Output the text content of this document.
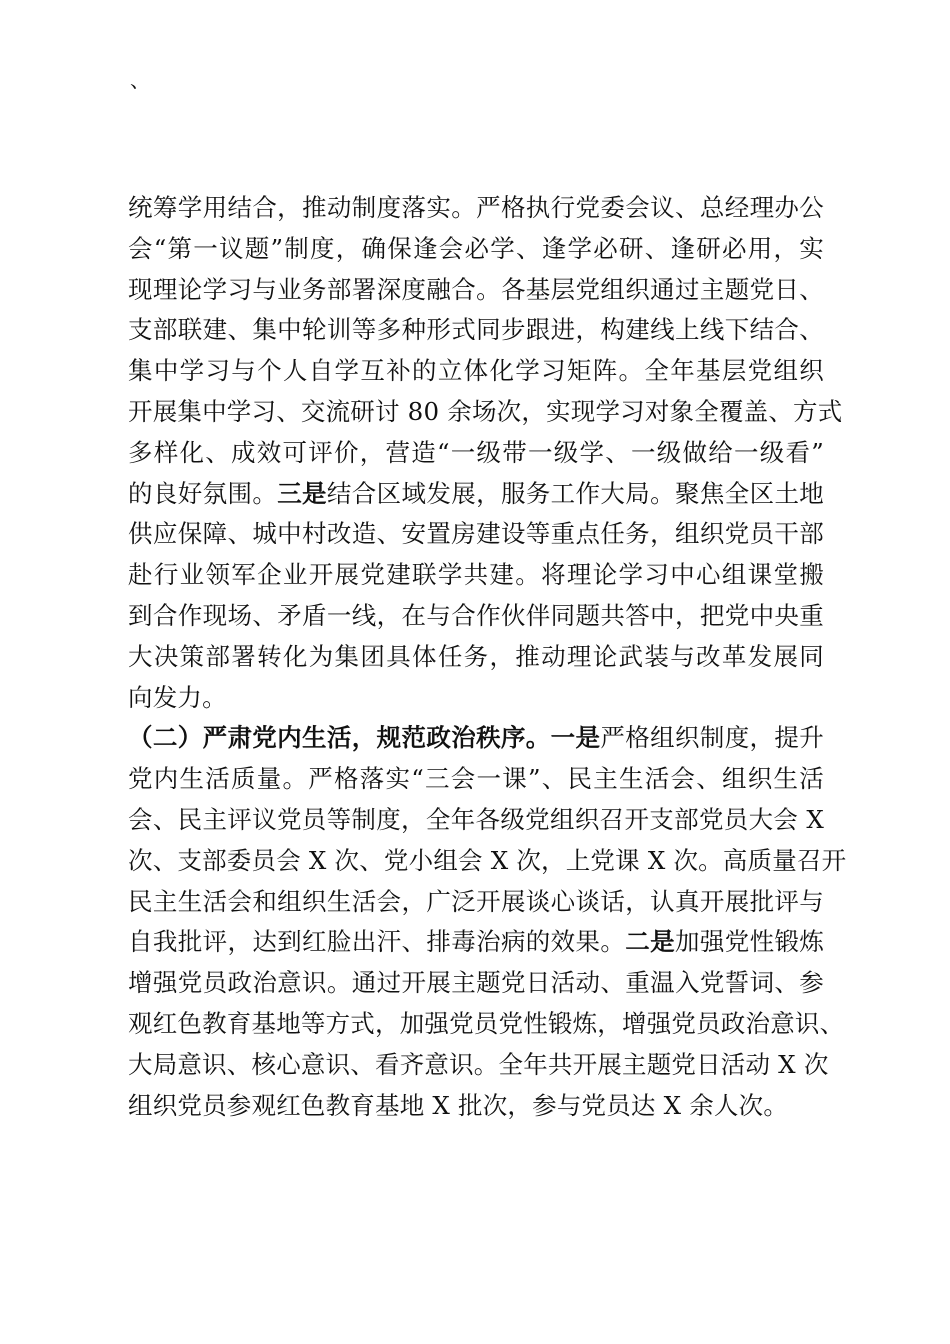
、
统筹学用结合，推动制度落实。严格执行党委会议、总经理办公
会“第一议题”制度，确保逢会必学、逢学必研、逢研必用，实
现理论学习与业务部署深度融合。各基层党组织通过主题党日、
支部联建、集中轮训等多种形式同步跟进，构建线上线下结合、
集中学习与个人自学互补的立体化学习矩阵。全年基层党组织
开展集中学习、交流研讨 80 余场次，实现学习对象全覆盖、方式
多样化、成效可评价，营造“一级带一级学、一级做给一级看”
的良好氛围。三是结合区域发展，服务工作大局。聚焦全区土地
供应保障、城中村改造、安置房建设等重点任务，组织党员干部
赴行业领军企业开展党建联学共建。将理论学习中心组课堂搬
到合作现场、矛盾一线，在与合作伙伴同题共答中，把党中央重
大决策部署转化为集团具体任务，推动理论武装与改革发展同
向发力。
（二）严肃党内生活，规范政治秩序。一是严格组织制度，提升
党内生活质量。严格落实“三会一课”、民主生活会、组织生活
会、民主评议党员等制度，全年各级党组织召开支部党员大会 X
次、支部委员会 X 次、党小组会 X 次，上党课 X 次。高质量召开
民主生活会和组织生活会，广泛开展谈心谈话，认真开展批评与
自我批评，达到红脸出汗、排毒治病的效果。二是加强党性锻炼
增强党员政治意识。通过开展主题党日活动、重温入党誓词、参
观红色教育基地等方式，加强党员党性锻炼，增强党员政治意识、
大局意识、核心意识、看齐意识。全年共开展主题党日活动 X 次
组织党员参观红色教育基地 X 批次，参与党员达 X 余人次。
